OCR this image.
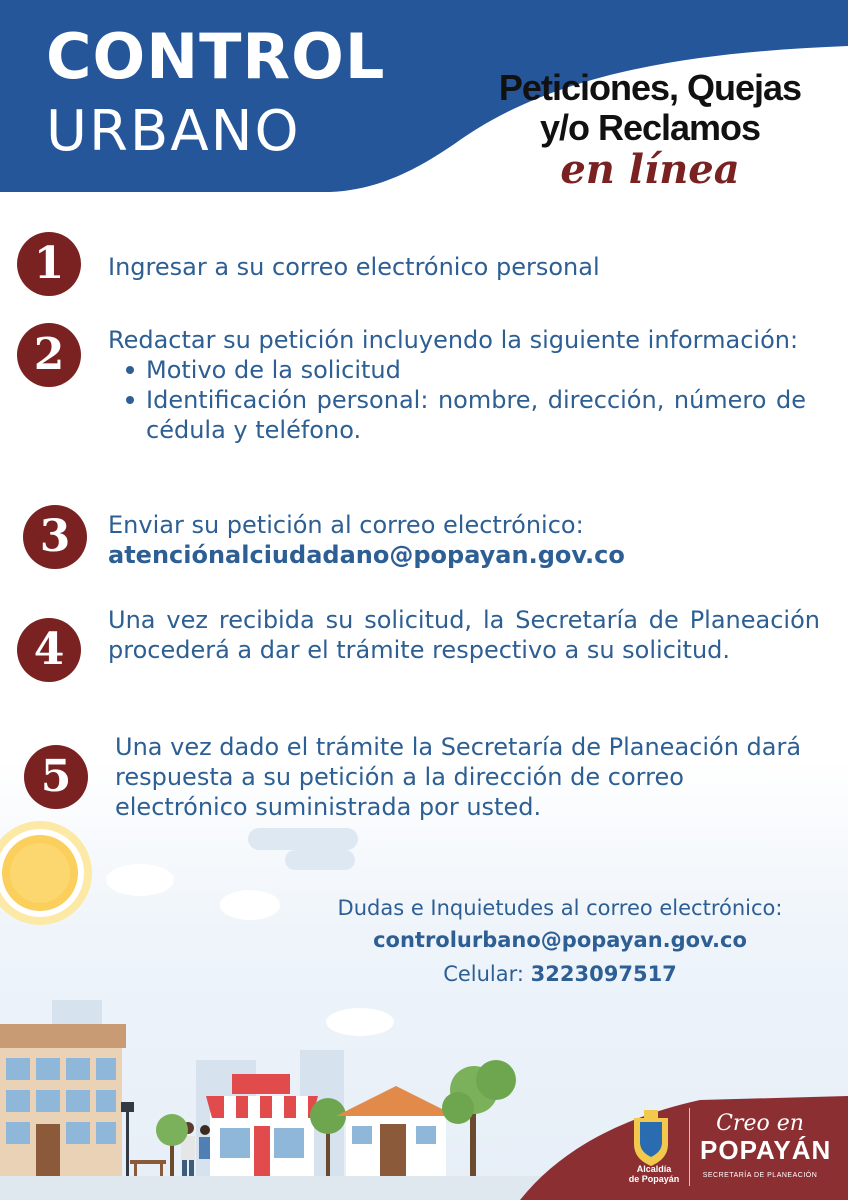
CONTROL
URBANO
Peticiones, Quejas
y/o Reclamos
en línea
Alcaldía
de Popayán
Creo en
POPAYÁN
SECRETARÍA DE PLANEACIÓN
1	Ingresar a su correo electrónico personal
2	Redactar su petición incluyendo la siguiente información:
Motivo de la solicitud
Identificación personal: nombre, dirección, número de cédula y teléfono.
3	Enviar su petición al correo electrónico:
atenciónalciudadano@popayan.gov.co
4
Una vez recibida su solicitud, la Secretaría de Planeación procederá a dar el trámite respectivo a su solicitud.
5
Una vez dado el trámite la Secretaría de Planeación dará respuesta a su petición a la dirección de correo electrónico suministrada por usted.
Dudas e Inquietudes al correo electrónico:
controlurbano@popayan.gov.co
Celular: 3223097517
